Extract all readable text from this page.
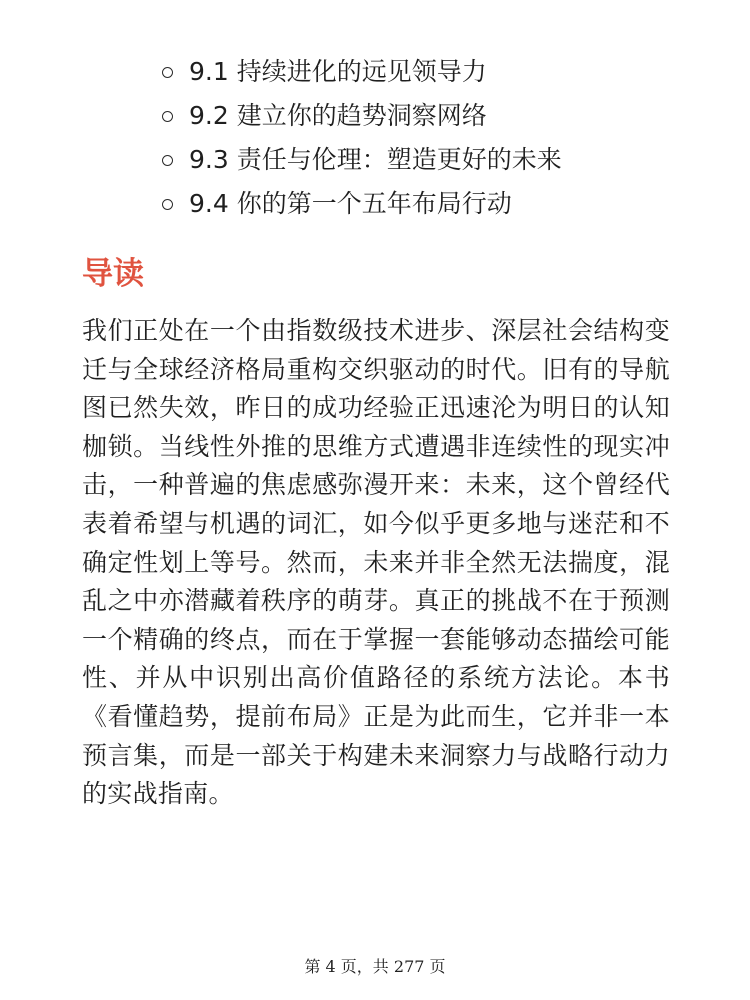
9.1 持续进化的远见领导力
9.2 建立你的趋势洞察网络
9.3 责任与伦理：塑造更好的未来
9.4 你的第一个五年布局行动
导读

我们正处在一个由指数级技术进步、深层社会结构变迁与全球经济格局重构交织驱动的时代。旧有的导航图已然失效，昨日的成功经验正迅速沦为明日的认知枷锁。当线性外推的思维方式遭遇非连续性的现实冲击，一种普遍的焦虑感弥漫开来：未来，这个曾经代表着希望与机遇的词汇，如今似乎更多地与迷茫和不确定性划上等号。然而，未来并非全然无法揣度，混乱之中亦潜藏着秩序的萌芽。真正的挑战不在于预测一个精确的终点，而在于掌握一套能够动态描绘可能性、并从中识别出高价值路径的系统方法论。本书《看懂趋势，提前布局》正是为此而生，它并非一本预言集，而是一部关于构建未来洞察力与战略行动力的实战指南。

第 4 页，共 277 页
